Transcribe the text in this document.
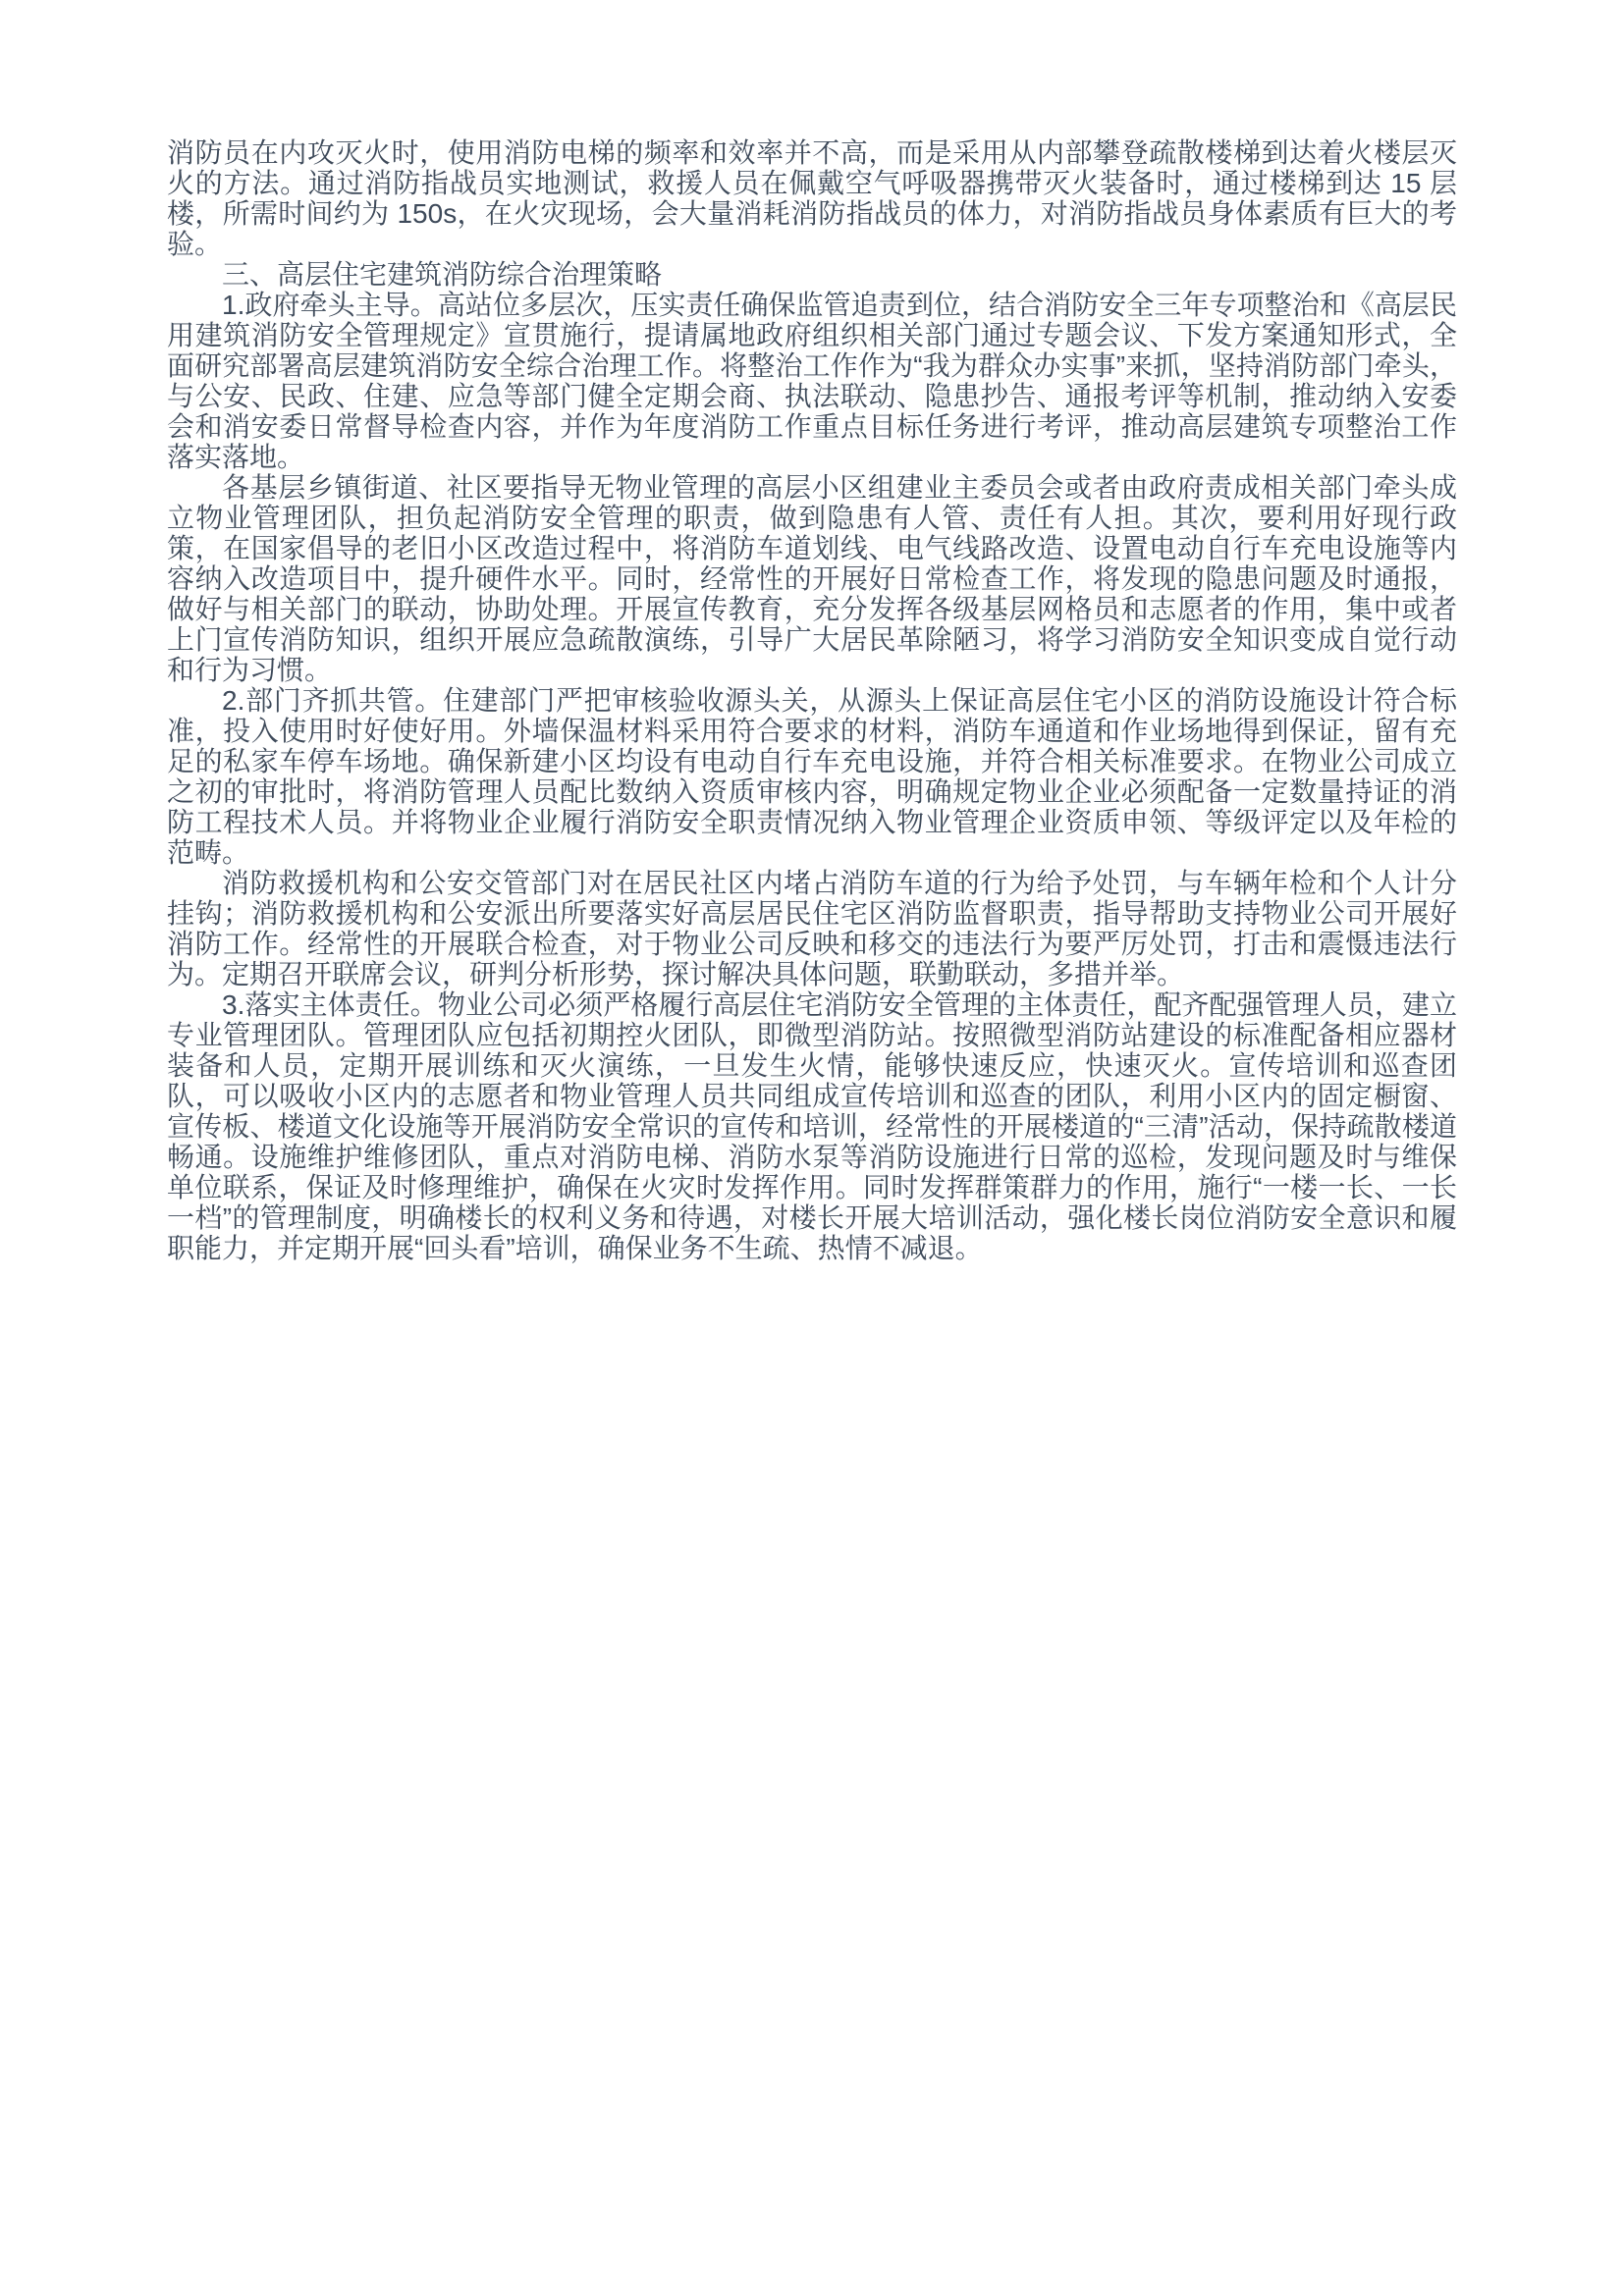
消防员在内攻灭火时，使用消防电梯的频率和效率并不高，而是采用从内部攀登疏散楼梯到达着火楼层灭火的方法。通过消防指战员实地测试，救援人员在佩戴空气呼吸器携带灭火装备时，通过楼梯到达 15 层楼，所需时间约为 150s，在火灾现场，会大量消耗消防指战员的体力，对消防指战员身体素质有巨大的考验。

三、高层住宅建筑消防综合治理策略

1.政府牵头主导。高站位多层次，压实责任确保监管追责到位，结合消防安全三年专项整治和《高层民用建筑消防安全管理规定》宣贯施行，提请属地政府组织相关部门通过专题会议、下发方案通知形式，全面研究部署高层建筑消防安全综合治理工作。将整治工作作为“我为群众办实事”来抓，坚持消防部门牵头，与公安、民政、住建、应急等部门健全定期会商、执法联动、隐患抄告、通报考评等机制，推动纳入安委会和消安委日常督导检查内容，并作为年度消防工作重点目标任务进行考评，推动高层建筑专项整治工作落实落地。

各基层乡镇街道、社区要指导无物业管理的高层小区组建业主委员会或者由政府责成相关部门牵头成立物业管理团队，担负起消防安全管理的职责，做到隐患有人管、责任有人担。其次，要利用好现行政策，在国家倡导的老旧小区改造过程中，将消防车道划线、电气线路改造、设置电动自行车充电设施等内容纳入改造项目中，提升硬件水平。同时，经常性的开展好日常检查工作，将发现的隐患问题及时通报，做好与相关部门的联动，协助处理。开展宣传教育，充分发挥各级基层网格员和志愿者的作用，集中或者上门宣传消防知识，组织开展应急疏散演练，引导广大居民革除陋习，将学习消防安全知识变成自觉行动和行为习惯。

2.部门齐抓共管。住建部门严把审核验收源头关，从源头上保证高层住宅小区的消防设施设计符合标准，投入使用时好使好用。外墙保温材料采用符合要求的材料，消防车通道和作业场地得到保证，留有充足的私家车停车场地。确保新建小区均设有电动自行车充电设施，并符合相关标准要求。在物业公司成立之初的审批时，将消防管理人员配比数纳入资质审核内容，明确规定物业企业必须配备一定数量持证的消防工程技术人员。并将物业企业履行消防安全职责情况纳入物业管理企业资质申领、等级评定以及年检的范畴。

消防救援机构和公安交管部门对在居民社区内堵占消防车道的行为给予处罚，与车辆年检和个人计分挂钩；消防救援机构和公安派出所要落实好高层居民住宅区消防监督职责，指导帮助支持物业公司开展好消防工作。经常性的开展联合检查，对于物业公司反映和移交的违法行为要严厉处罚，打击和震慑违法行为。定期召开联席会议，研判分析形势，探讨解决具体问题，联勤联动，多措并举。

3.落实主体责任。物业公司必须严格履行高层住宅消防安全管理的主体责任，配齐配强管理人员，建立专业管理团队。管理团队应包括初期控火团队，即微型消防站。按照微型消防站建设的标准配备相应器材装备和人员，定期开展训练和灭火演练，一旦发生火情，能够快速反应，快速灭火。宣传培训和巡查团队，可以吸收小区内的志愿者和物业管理人员共同组成宣传培训和巡查的团队，利用小区内的固定橱窗、宣传板、楼道文化设施等开展消防安全常识的宣传和培训，经常性的开展楼道的“三清”活动，保持疏散楼道畅通。设施维护维修团队，重点对消防电梯、消防水泵等消防设施进行日常的巡检，发现问题及时与维保单位联系，保证及时修理维护，确保在火灾时发挥作用。同时发挥群策群力的作用，施行“一楼一长、一长一档”的管理制度，明确楼长的权利义务和待遇，对楼长开展大培训活动，强化楼长岗位消防安全意识和履职能力，并定期开展“回头看”培训，确保业务不生疏、热情不减退。
